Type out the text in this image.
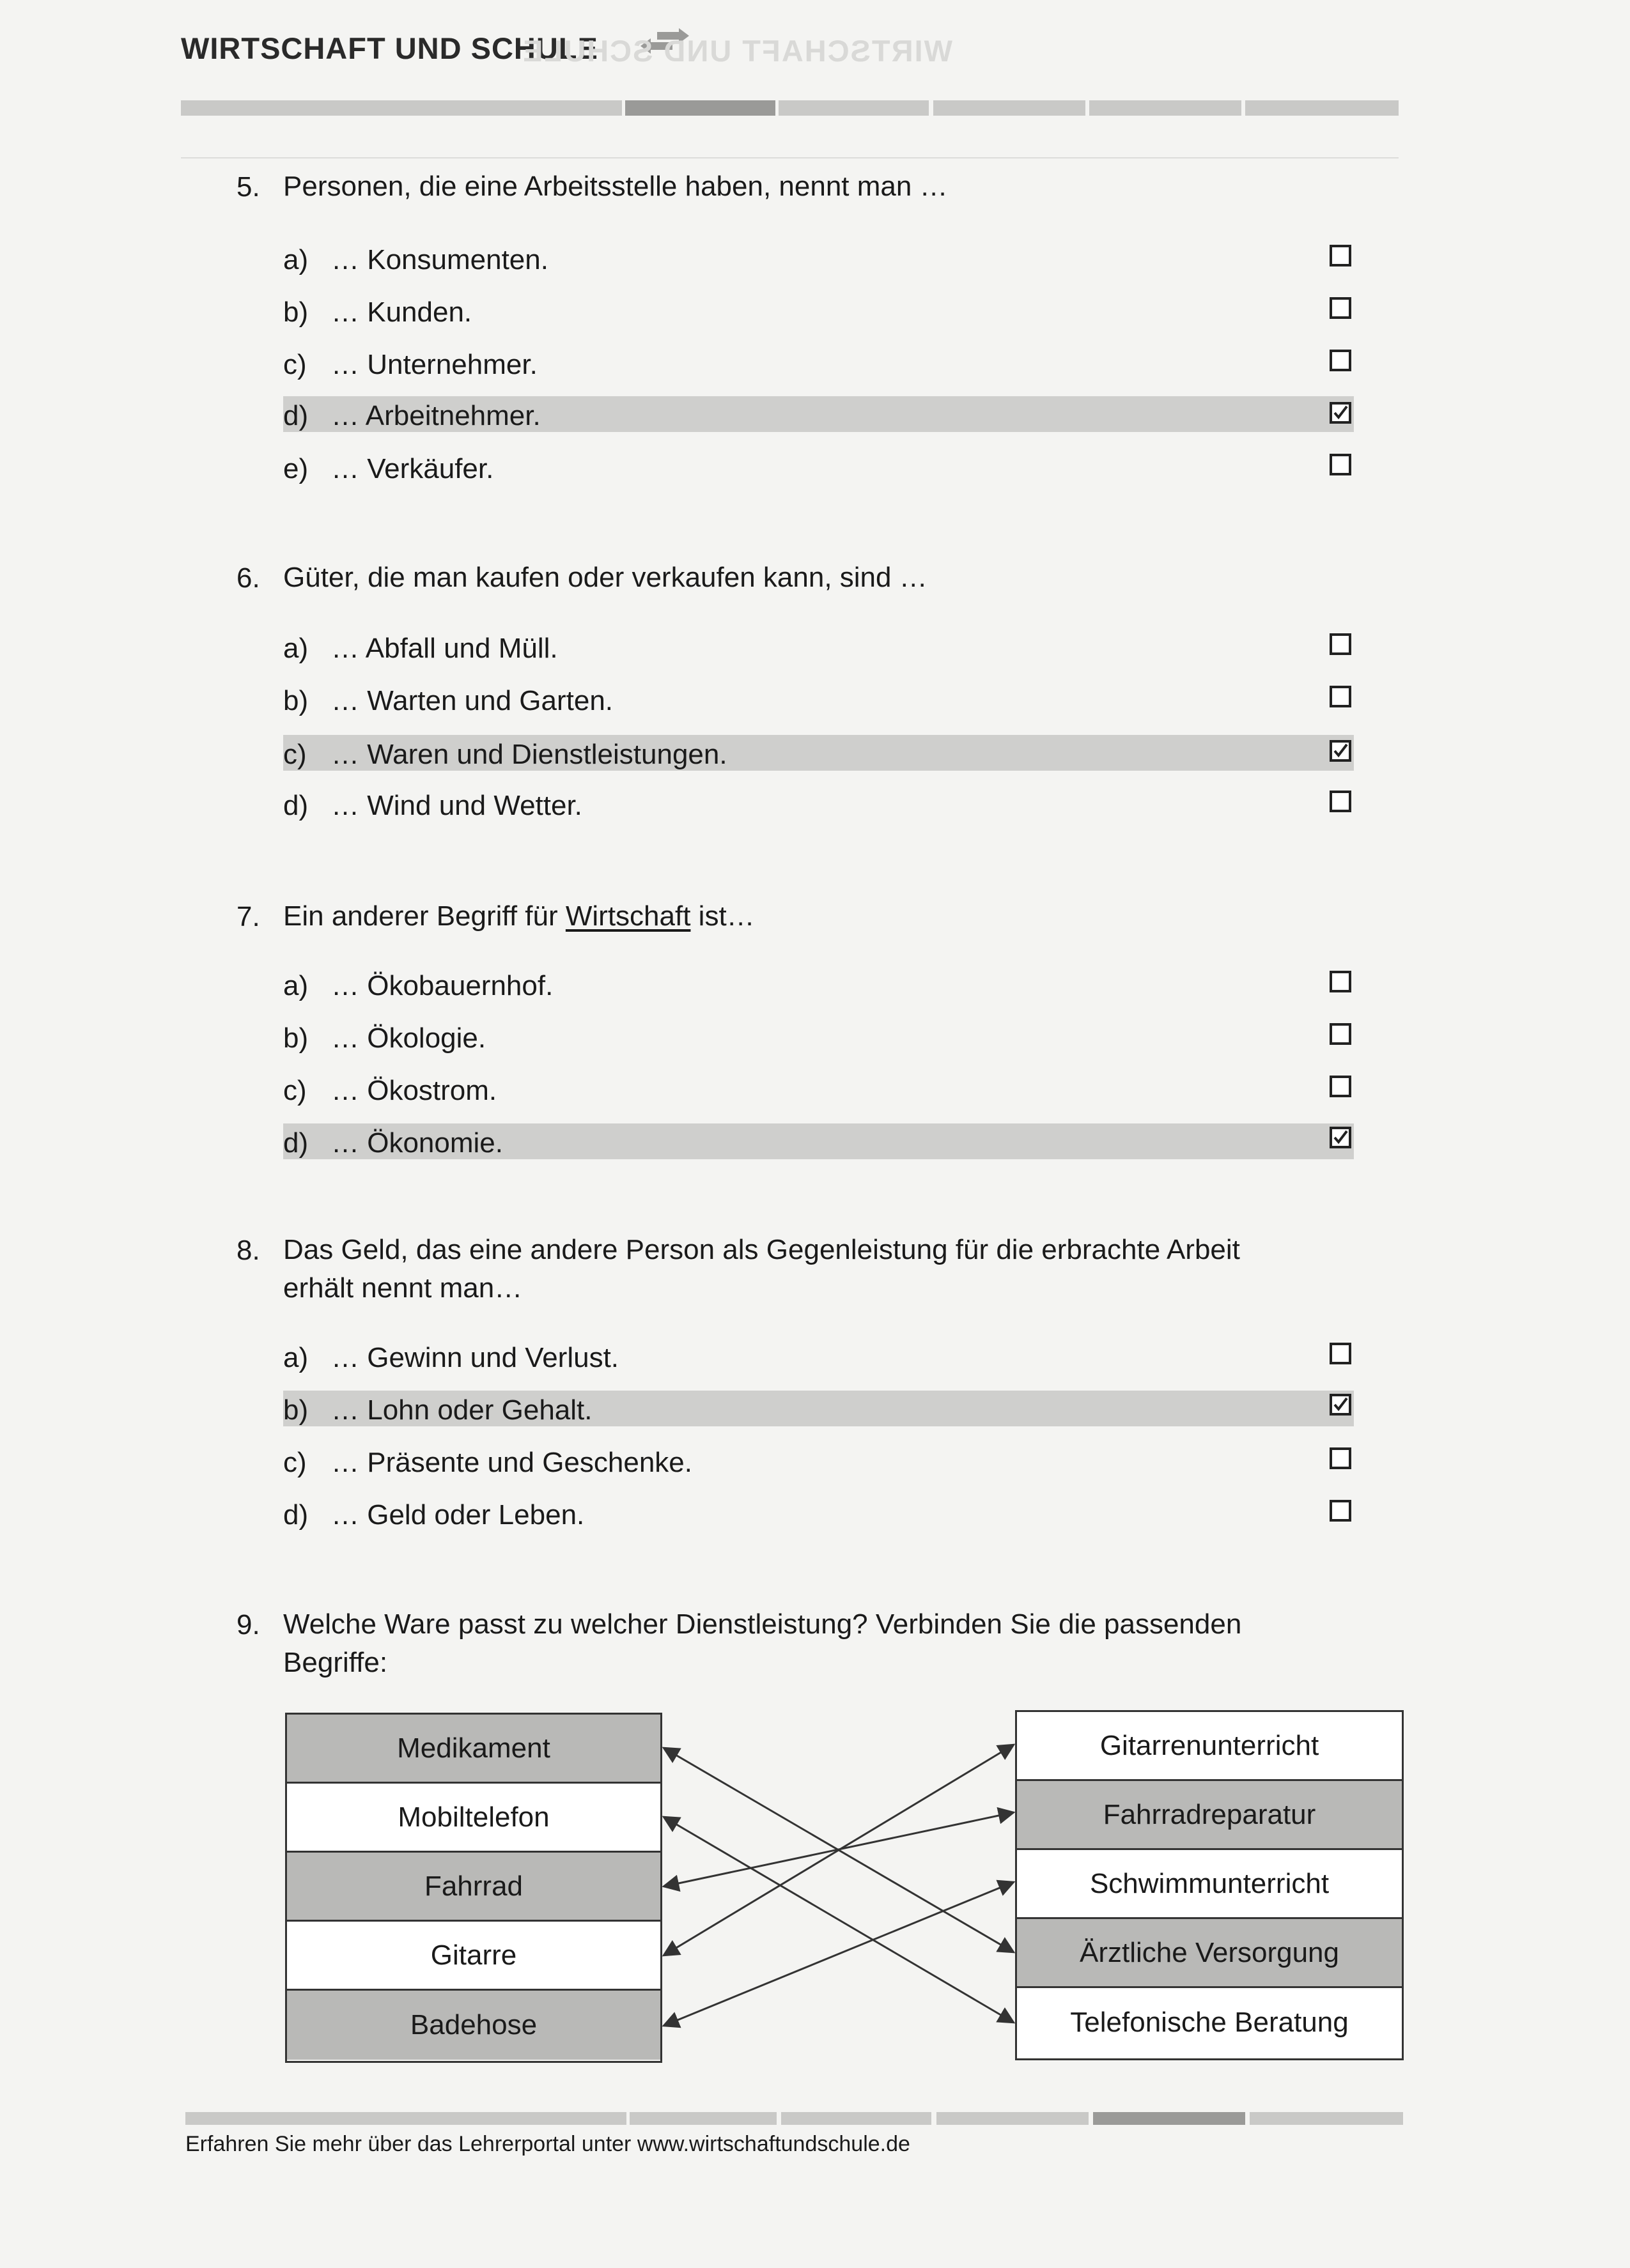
WIRTSCHAFT UND SCHULE
WIRTSCHAFT UND SCHULE
5. Personen, die eine Arbeitsstelle haben, nennt man …
a) … Konsumenten.
b) … Kunden.
c) … Unternehmer.
d) … Arbeitnehmer.
e) … Verkäufer.
6. Güter, die man kaufen oder verkaufen kann, sind …
a) … Abfall und Müll.
b) … Warten und Garten.
c) … Waren und Dienstleistungen.
d) … Wind und Wetter.
7. Ein anderer Begriff für Wirtschaft ist…
a) … Ökobauernhof.
b) … Ökologie.
c) … Ökostrom.
d) … Ökonomie.
8. Das Geld, das eine andere Person als Gegenleistung für die erbrachte Arbeit
erhält nennt man…
a) … Gewinn und Verlust.
b) … Lohn oder Gehalt.
c) … Präsente und Geschenke.
d) … Geld oder Leben.
9. Welche Ware passt zu welcher Dienstleistung? Verbinden Sie die passenden
Begriffe:
Medikament
Mobiltelefon
Fahrrad
Gitarre
Badehose
Gitarrenunterricht
Fahrradreparatur
Schwimmunterricht
Ärztliche Versorgung
Telefonische Beratung
Erfahren Sie mehr über das Lehrerportal unter www.wirtschaftundschule.de
